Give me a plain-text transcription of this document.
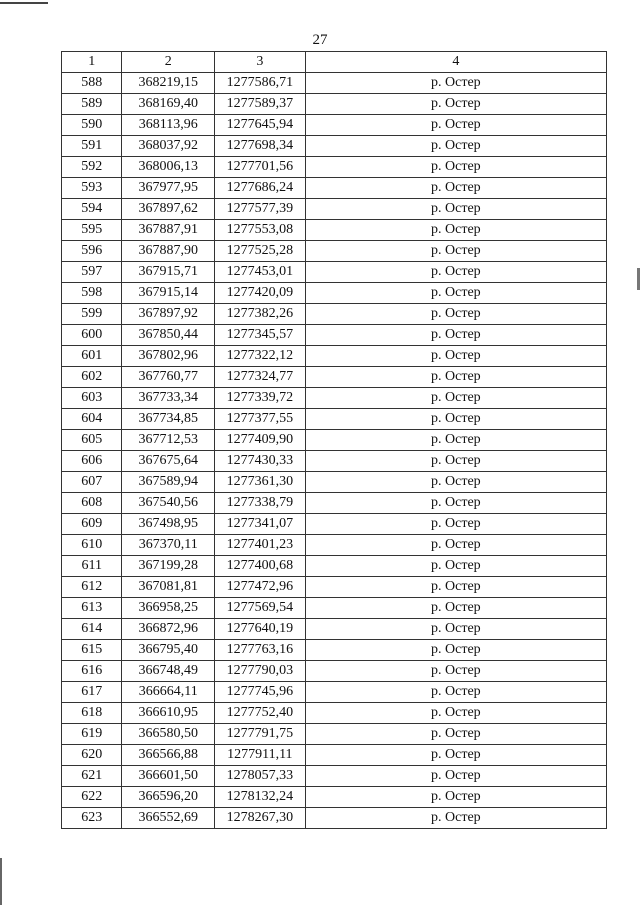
27
1	2	3	4
588	368219,15	1277586,71	р. Остер
589	368169,40	1277589,37	р. Остер
590	368113,96	1277645,94	р. Остер
591	368037,92	1277698,34	р. Остер
592	368006,13	1277701,56	р. Остер
593	367977,95	1277686,24	р. Остер
594	367897,62	1277577,39	р. Остер
595	367887,91	1277553,08	р. Остер
596	367887,90	1277525,28	р. Остер
597	367915,71	1277453,01	р. Остер
598	367915,14	1277420,09	р. Остер
599	367897,92	1277382,26	р. Остер
600	367850,44	1277345,57	р. Остер
601	367802,96	1277322,12	р. Остер
602	367760,77	1277324,77	р. Остер
603	367733,34	1277339,72	р. Остер
604	367734,85	1277377,55	р. Остер
605	367712,53	1277409,90	р. Остер
606	367675,64	1277430,33	р. Остер
607	367589,94	1277361,30	р. Остер
608	367540,56	1277338,79	р. Остер
609	367498,95	1277341,07	р. Остер
610	367370,11	1277401,23	р. Остер
611	367199,28	1277400,68	р. Остер
612	367081,81	1277472,96	р. Остер
613	366958,25	1277569,54	р. Остер
614	366872,96	1277640,19	р. Остер
615	366795,40	1277763,16	р. Остер
616	366748,49	1277790,03	р. Остер
617	366664,11	1277745,96	р. Остер
618	366610,95	1277752,40	р. Остер
619	366580,50	1277791,75	р. Остер
620	366566,88	1277911,11	р. Остер
621	366601,50	1278057,33	р. Остер
622	366596,20	1278132,24	р. Остер
623	366552,69	1278267,30	р. Остер
